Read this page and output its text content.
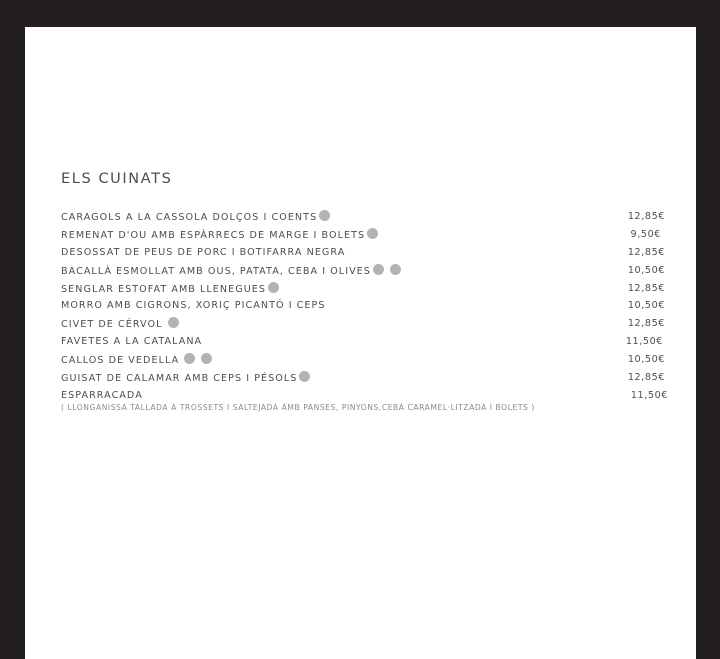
ELS CUINATS
CARAGOLS A LA CASSOLA DOLÇOS I COENTS	12,85€
REMENAT D'OU AMB ESPÀRRECS DE MARGE I BOLETS	9,50€
DESOSSAT DE PEUS DE PORC I BOTIFARRA NEGRA	12,85€
BACALLÀ ESMOLLAT AMB OUS, PATATA, CEBA I OLIVES	10,50€
SENGLAR ESTOFAT AMB LLENEGUES	12,85€
MORRO AMB CIGRONS, XORIÇ PICANTÓ I CEPS	10,50€
CIVET DE CÉRVOL	12,85€
FAVETES A LA CATALANA	11,50€
CALLOS DE VEDELLA	10,50€
GUISAT DE CALAMAR AMB CEPS I PÉSOLS	12,85€
ESPARRACADA	11,50€
( LLONGANISSA TALLADA A TROSSETS I SALTEJADA AMB PANSES, PINYONS,CEBA CARAMEL·LITZADA I BOLETS )
